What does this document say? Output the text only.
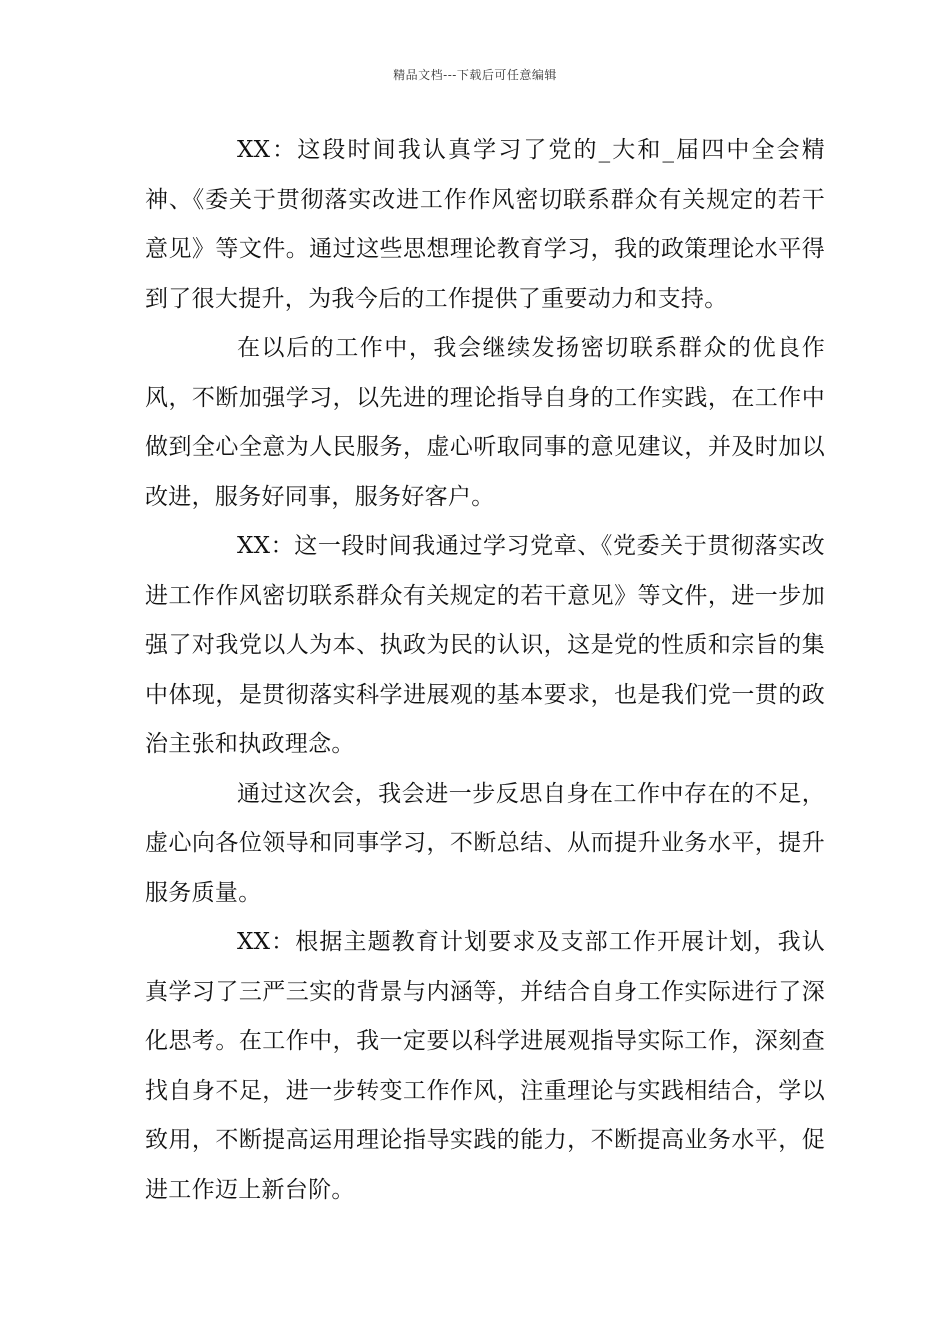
精品文档---下载后可任意编辑

XX：这段时间我认真学习了党的_大和_届四中全会精神、《委关于贯彻落实改进工作作风密切联系群众有关规定的若干意见》等文件。通过这些思想理论教育学习，我的政策理论水平得到了很大提升，为我今后的工作提供了重要动力和支持。

在以后的工作中，我会继续发扬密切联系群众的优良作风，不断加强学习，以先进的理论指导自身的工作实践，在工作中做到全心全意为人民服务，虚心听取同事的意见建议，并及时加以改进，服务好同事，服务好客户。

XX：这一段时间我通过学习党章、《党委关于贯彻落实改进工作作风密切联系群众有关规定的若干意见》等文件，进一步加强了对我党以人为本、执政为民的认识，这是党的性质和宗旨的集中体现，是贯彻落实科学进展观的基本要求，也是我们党一贯的政治主张和执政理念。

通过这次会，我会进一步反思自身在工作中存在的不足，虚心向各位领导和同事学习，不断总结、从而提升业务水平，提升服务质量。

XX：根据主题教育计划要求及支部工作开展计划，我认真学习了三严三实的背景与内涵等，并结合自身工作实际进行了深化思考。在工作中，我一定要以科学进展观指导实际工作，深刻查找自身不足，进一步转变工作作风，注重理论与实践相结合，学以致用，不断提高运用理论指导实践的能力，不断提高业务水平，促进工作迈上新台阶。
